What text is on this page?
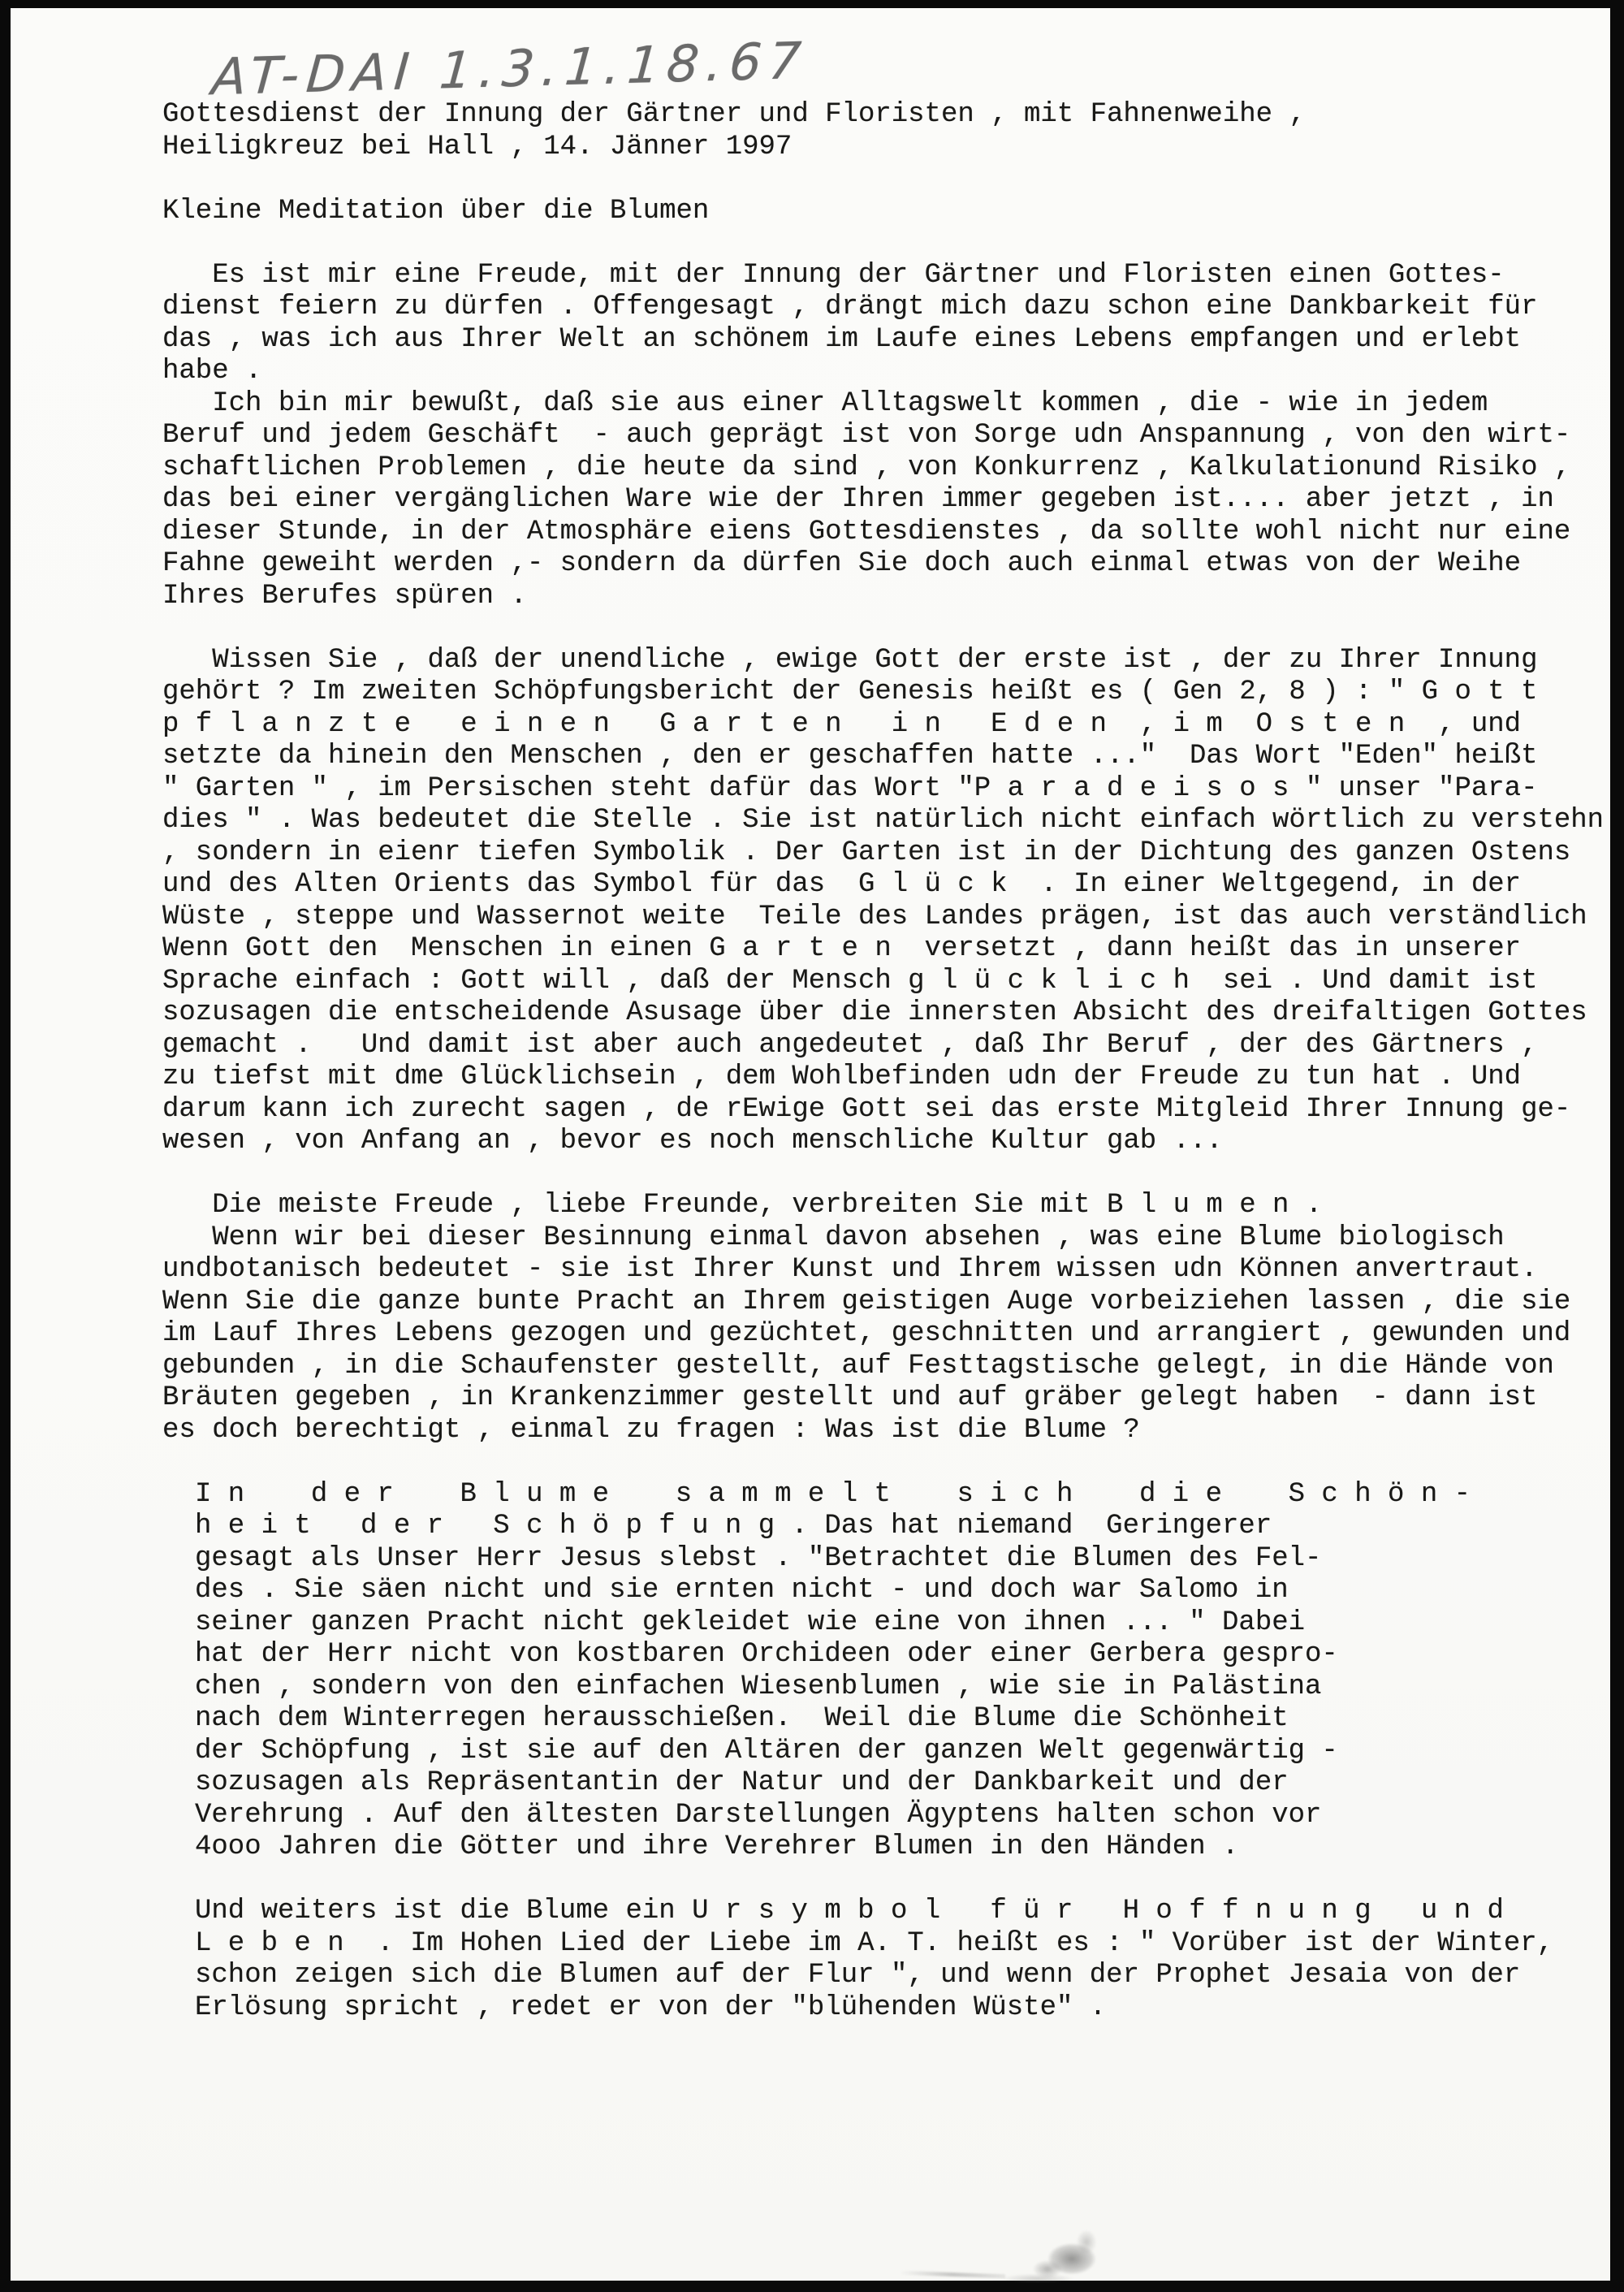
AT-DAI 1.3.1.18.67
Gottesdienst der Innung der Gärtner und Floristen , mit Fahnenweihe ,
Heiligkreuz bei Hall , 14. Jänner 1997
Kleine Meditation über die Blumen
Es ist mir eine Freude, mit der Innung der Gärtner und Floristen einen Gottes-
dienst feiern zu dürfen . Offengesagt , drängt mich dazu schon eine Dankbarkeit für
das , was ich aus Ihrer Welt an schönem im Laufe eines Lebens empfangen und erlebt
habe .
Ich bin mir bewußt, daß sie aus einer Alltagswelt kommen , die - wie in jedem
Beruf und jedem Geschäft  - auch geprägt ist von Sorge udn Anspannung , von den wirt-
schaftlichen Problemen , die heute da sind , von Konkurrenz , Kalkulationund Risiko ,
das bei einer vergänglichen Ware wie der Ihren immer gegeben ist.... aber jetzt , in
dieser Stunde, in der Atmosphäre eiens Gottesdienstes , da sollte wohl nicht nur eine
Fahne geweiht werden ,- sondern da dürfen Sie doch auch einmal etwas von der Weihe
Ihres Berufes spüren .
Wissen Sie , daß der unendliche , ewige Gott der erste ist , der zu Ihrer Innung
gehört ? Im zweiten Schöpfungsbericht der Genesis heißt es ( Gen 2, 8 ) : " G o t t
p f l a n z t e   e i n e n   G a r t e n   i n   E d e n  , i m  O s t e n  , und
setzte da hinein den Menschen , den er geschaffen hatte ..."  Das Wort "Eden" heißt
" Garten " , im Persischen steht dafür das Wort "P a r a d e i s o s " unser "Para-
dies " . Was bedeutet die Stelle . Sie ist natürlich nicht einfach wörtlich zu verstehn
, sondern in eienr tiefen Symbolik . Der Garten ist in der Dichtung des ganzen Ostens
und des Alten Orients das Symbol für das  G l ü c k  . In einer Weltgegend, in der
Wüste , steppe und Wassernot weite  Teile des Landes prägen, ist das auch verständlich
Wenn Gott den  Menschen in einen G a r t e n  versetzt , dann heißt das in unserer
Sprache einfach : Gott will , daß der Mensch g l ü c k l i c h  sei . Und damit ist
sozusagen die entscheidende Asusage über die innersten Absicht des dreifaltigen Gottes
gemacht .   Und damit ist aber auch angedeutet , daß Ihr Beruf , der des Gärtners ,
zu tiefst mit dme Glücklichsein , dem Wohlbefinden udn der Freude zu tun hat . Und
darum kann ich zurecht sagen , de rEwige Gott sei das erste Mitgleid Ihrer Innung ge-
wesen , von Anfang an , bevor es noch menschliche Kultur gab ...
Die meiste Freude , liebe Freunde, verbreiten Sie mit B l u m e n .
Wenn wir bei dieser Besinnung einmal davon absehen , was eine Blume biologisch
undbotanisch bedeutet - sie ist Ihrer Kunst und Ihrem wissen udn Können anvertraut.
Wenn Sie die ganze bunte Pracht an Ihrem geistigen Auge vorbeiziehen lassen , die sie
im Lauf Ihres Lebens gezogen und gezüchtet, geschnitten und arrangiert , gewunden und
gebunden , in die Schaufenster gestellt, auf Festtagstische gelegt, in die Hände von
Bräuten gegeben , in Krankenzimmer gestellt und auf gräber gelegt haben  - dann ist
es doch berechtigt , einmal zu fragen : Was ist die Blume ?
I n    d e r    B l u m e    s a m m e l t    s i c h    d i e    S c h ö n -
h e i t   d e r   S c h ö p f u n g . Das hat niemand  Geringerer
gesagt als Unser Herr Jesus slebst . "Betrachtet die Blumen des Fel-
des . Sie säen nicht und sie ernten nicht - und doch war Salomo in
seiner ganzen Pracht nicht gekleidet wie eine von ihnen ... " Dabei
hat der Herr nicht von kostbaren Orchideen oder einer Gerbera gespro-
chen , sondern von den einfachen Wiesenblumen , wie sie in Palästina
nach dem Winterregen herausschießen.  Weil die Blume die Schönheit
der Schöpfung , ist sie auf den Altären der ganzen Welt gegenwärtig -
sozusagen als Repräsentantin der Natur und der Dankbarkeit und der
Verehrung . Auf den ältesten Darstellungen Ägyptens halten schon vor
4ooo Jahren die Götter und ihre Verehrer Blumen in den Händen .
Und weiters ist die Blume ein U r s y m b o l   f ü r   H o f f n u n g   u n d
L e b e n  . Im Hohen Lied der Liebe im A. T. heißt es : " Vorüber ist der Winter,
schon zeigen sich die Blumen auf der Flur ", und wenn der Prophet Jesaia von der
Erlösung spricht , redet er von der "blühenden Wüste" .
